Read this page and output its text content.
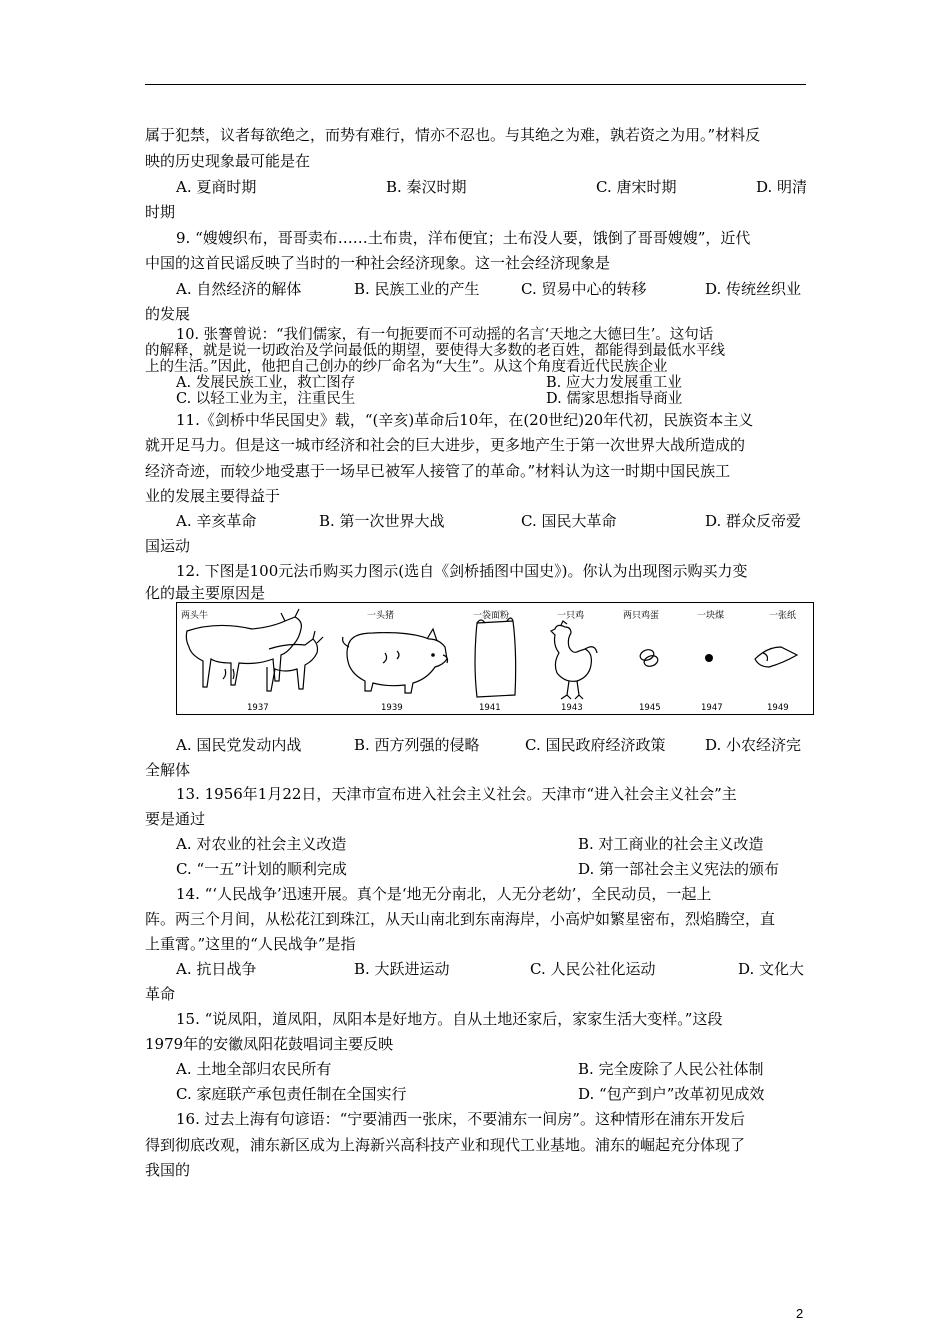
属于犯禁，议者每欲绝之，而势有难行，情亦不忍也。与其绝之为难，孰若资之为用。”材料反
映的历史现象最可能是在
A. 夏商时期	B. 秦汉时期	C. 唐宋时期	D. 明清
时期
9. “嫂嫂织布，哥哥卖布……土布贵，洋布便宜；土布没人要，饿倒了哥哥嫂嫂”，近代
中国的这首民谣反映了当时的一种社会经济现象。这一社会经济现象是
A. 自然经济的解体	B. 民族工业的产生	C. 贸易中心的转移	D. 传统丝织业
的发展
10. 张謇曾说：“我们儒家，有一句扼要而不可动摇的名言‘天地之大德曰生’。这句话
的解释，就是说一切政治及学问最低的期望，要使得大多数的老百姓，都能得到最低水平线
上的生活。”因此，他把自己创办的纱厂命名为“大生”。从这个角度看近代民族企业
A. 发展民族工业，救亡图存	B. 应大力发展重工业
C. 以轻工业为主，注重民生	D. 儒家思想指导商业
11.《剑桥中华民国史》载，“(辛亥)革命后10年，在(20世纪)20年代初，民族资本主义
就开足马力。但是这一城市经济和社会的巨大进步，更多地产生于第一次世界大战所造成的
经济奇迹，而较少地受惠于一场早已被军人接管了的革命。”材料认为这一时期中国民族工
业的发展主要得益于
A. 辛亥革命	B. 第一次世界大战	C. 国民大革命	D. 群众反帝爱
国运动
12. 下图是100元法币购买力图示(选自《剑桥插图中国史》)。你认为出现图示购买力变
化的最主要原因是
两头牛
1937
一头猪
1939
一袋面粉
1941
一只鸡
1943
两只鸡蛋
1945
一块煤
1947
一张纸
1949
A. 国民党发动内战	B. 西方列强的侵略	C. 国民政府经济政策	D. 小农经济完
全解体
13. 1956年1月22日，天津市宣布进入社会主义社会。天津市“进入社会主义社会”主
要是通过
A. 对农业的社会主义改造	B. 对工商业的社会主义改造
C. “一五”计划的顺利完成	D. 第一部社会主义宪法的颁布
14. “‘人民战争’迅速开展。真个是‘地无分南北，人无分老幼’，全民动员，一起上
阵。两三个月间，从松花江到珠江，从天山南北到东南海岸，小高炉如繁星密布，烈焰腾空，直
上重霄。”这里的“人民战争”是指
A. 抗日战争	B. 大跃进运动	C. 人民公社化运动	D. 文化大
革命
15. “说凤阳，道凤阳，凤阳本是好地方。自从土地还家后，家家生活大变样。”这段
1979年的安徽凤阳花鼓唱词主要反映
A. 土地全部归农民所有	B. 完全废除了人民公社体制
C. 家庭联产承包责任制在全国实行	D. “包产到户”改革初见成效
16. 过去上海有句谚语：“宁要浦西一张床，不要浦东一间房”。这种情形在浦东开发后
得到彻底改观，浦东新区成为上海新兴高科技产业和现代工业基地。浦东的崛起充分体现了
我国的
2
